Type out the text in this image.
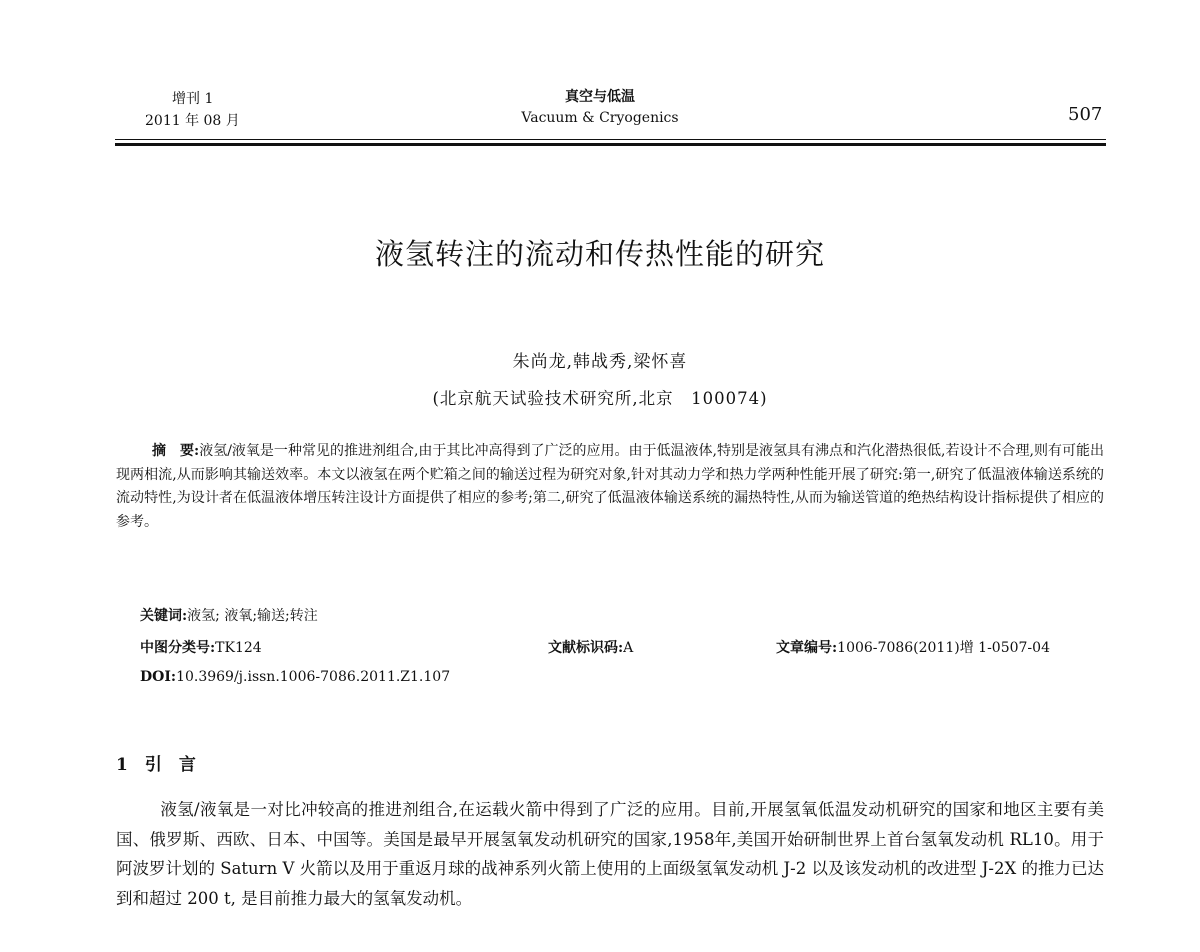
增刊 1
2011 年 08 月
真空与低温
Vacuum & Cryogenics	507
液氢转注的流动和传热性能的研究
朱尚龙,韩战秀,梁怀喜
(北京航天试验技术研究所,北京　100074)
摘　要:液氢/液氧是一种常见的推进剂组合,由于其比冲高得到了广泛的应用。由于低温液体,特别是液氢具有沸点和汽化潜热很低,若设计不合理,则有可能出现两相流,从而影响其输送效率。本文以液氢在两个贮箱之间的输送过程为研究对象,针对其动力学和热力学两种性能开展了研究:第一,研究了低温液体输送系统的流动特性,为设计者在低温液体增压转注设计方面提供了相应的参考;第二,研究了低温液体输送系统的漏热特性,从而为输送管道的绝热结构设计指标提供了相应的参考。
关键词:液氢; 液氧;输送;转注
中图分类号:TK124	文献标识码:A	文章编号:1006-7086(2011)增 1-0507-04
DOI:10.3969/j.issn.1006-7086.2011.Z1.107
1　引　言
液氢/液氧是一对比冲较高的推进剂组合,在运载火箭中得到了广泛的应用。目前,开展氢氧低温发动机研究的国家和地区主要有美国、俄罗斯、西欧、日本、中国等。美国是最早开展氢氧发动机研究的国家,1958年,美国开始研制世界上首台氢氧发动机 RL10。用于阿波罗计划的 Saturn V 火箭以及用于重返月球的战神系列火箭上使用的上面级氢氧发动机 J-2 以及该发动机的改进型 J-2X 的推力已达到和超过 200 t, 是目前推力最大的氢氧发动机。
